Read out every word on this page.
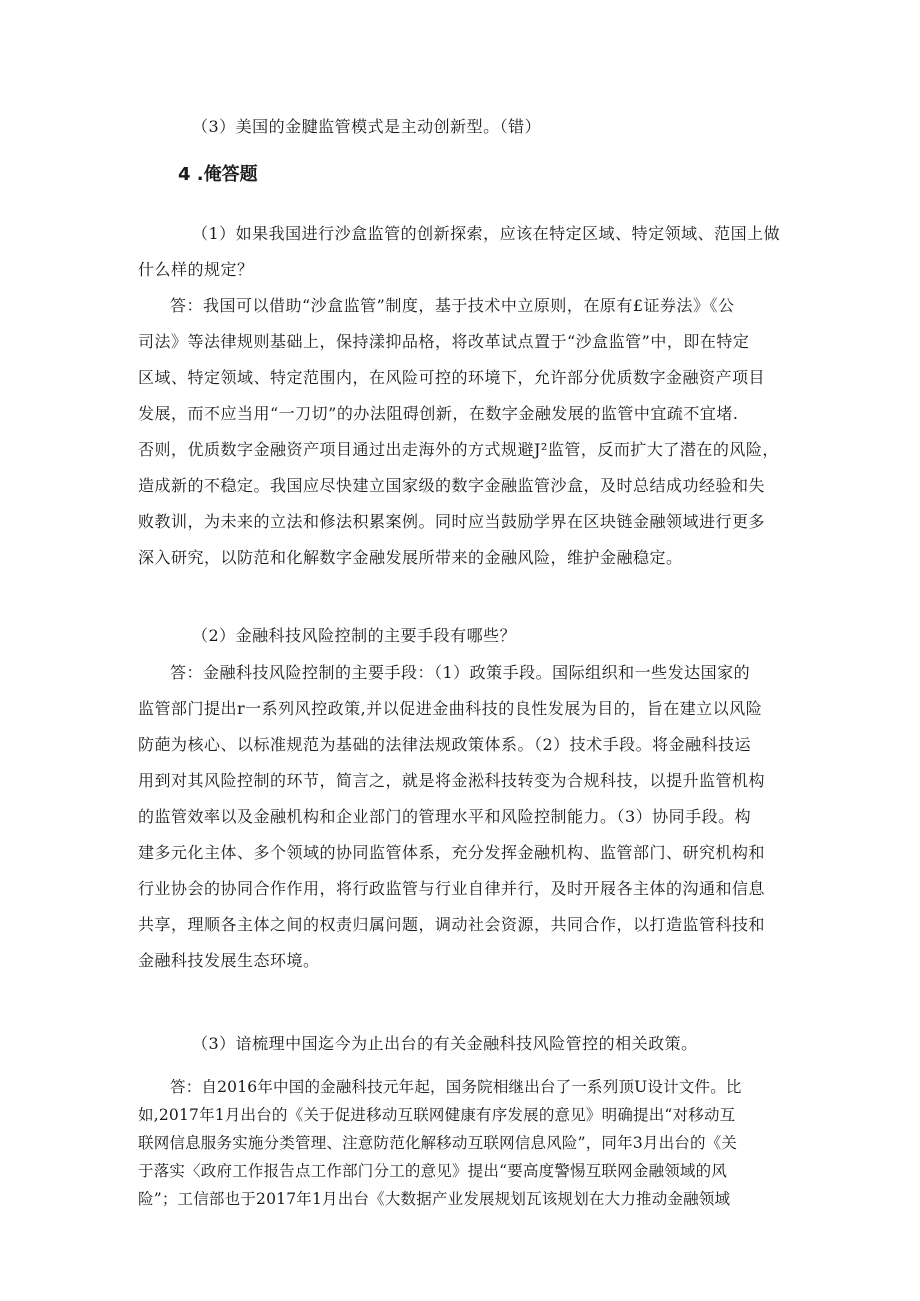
（3）美国的金腱监管模式是主动创新型。（错）
4 .俺答题
（1）如果我国进行沙盒监管的创新探索，应该在特定区域、特定领域、范国上做
什么样的规定？
答：我国可以借助“沙盒监管”制度，基于技术中立原则，在原有£证券法》《公
司法》等法律规则基础上，保持漾抑品格，将改革试点置于“沙盒监管”中，即在特定
区域、特定领域、特定范围内，在风险可控的环境下，允许部分优质数字金融资产项目
发展，而不应当用“一刀切”的办法阻碍创新，在数字金融发展的监管中宜疏不宜堵.
否则，优质数字金融资产项目通过出走海外的方式规避J²监管，反而扩大了潜在的风险，
造成新的不稳定。我国应尽快建立国家级的数字金融监管沙盒，及时总结成功经验和失
败教训，为未来的立法和修法积累案例。同时应当鼓励学界在区块链金融领域进行更多
深入研究，以防范和化解数字金融发展所带来的金融风险，维护金融稳定。
（2）金融科技风险控制的主要手段有哪些？
答：金融科技风险控制的主要手段：（1）政策手段。国际组织和一些发达国家的
监管部门提出r一系列风控政策,并以促进金曲科技的良性发展为目的，旨在建立以风险
防葩为核心、以标准规范为基础的法律法规政策体系。（2）技术手段。将金融科技运
用到对其风险控制的环节，简言之，就是将金淞科技转变为合规科技，以提升监管机构
的监管效率以及金融机构和企业部门的管理水平和风险控制能力。（3）协同手段。构
建多元化主体、多个领域的协同监管体系，充分发挥金融机构、监管部门、研究机构和
行业协会的协同合作作用，将行政监管与行业自律并行，及时开屐各主体的沟通和信息
共享，理顺各主体之间的权责归属问题，调动社会资源，共同合作，以打造监管科技和
金融科技发展生态环境。
（3）谙梳理中国迄今为止出台的有关金融科技风险管控的相关政策。
答：自2016年中国的金融科技元年起，国务院相继出台了一系列顶U设计文件。比
如,2017年1月出台的《关于促进移动互联网健康有序发展的意见》明确提出“对移动互
联网信息服务实施分类管理、注意防范化解移动互联网信息风险”，同年3月出台的《关
于落实〈政府工作报告点工作部门分工的意见》提出“要高度警惕互联网金融领域的风
险”；工信部也于2017年1月出台《大数据产业发展规划瓦该规划在大力推动金融领域
